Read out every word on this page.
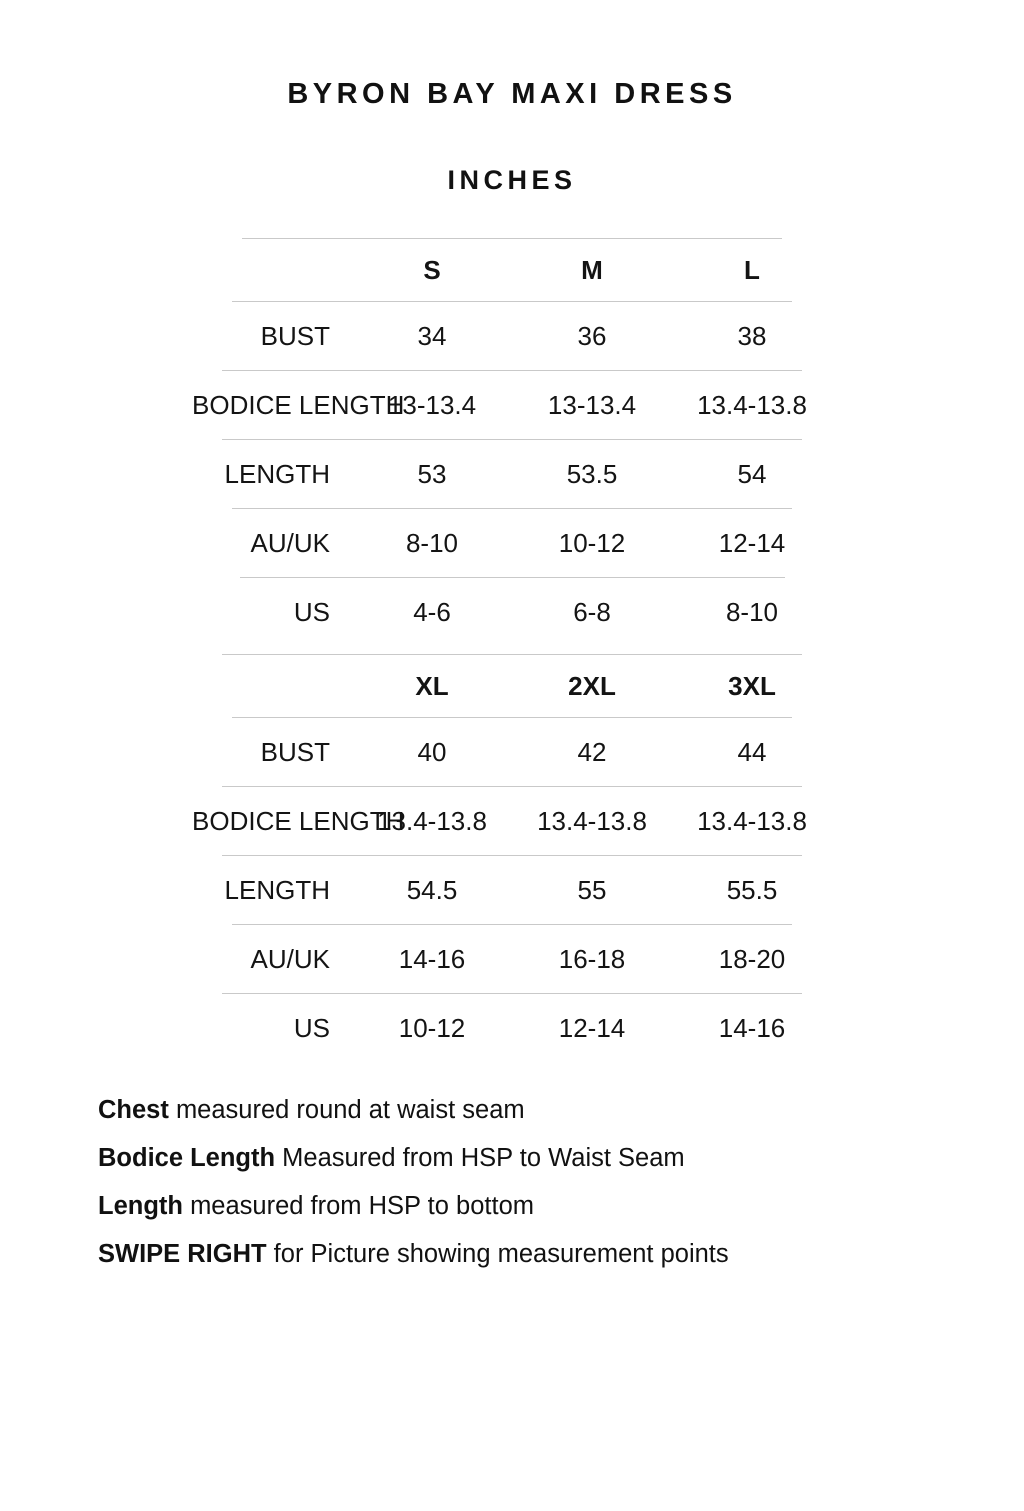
BYRON BAY MAXI DRESS
INCHES
	S	M	L
BUST	34	36	38
BODICE LENGTH	13-13.4	13-13.4	13.4-13.8
LENGTH	53	53.5	54
AU/UK	8-10	10-12	12-14
US	4-6	6-8	8-10
	XL	2XL	3XL
BUST	40	42	44
BODICE LENGTH	13.4-13.8	13.4-13.8	13.4-13.8
LENGTH	54.5	55	55.5
AU/UK	14-16	16-18	18-20
US	10-12	12-14	14-16
Chest measured round at waist seam
Bodice Length Measured from HSP to Waist Seam
Length measured from HSP to bottom
SWIPE RIGHT for Picture showing measurement points
